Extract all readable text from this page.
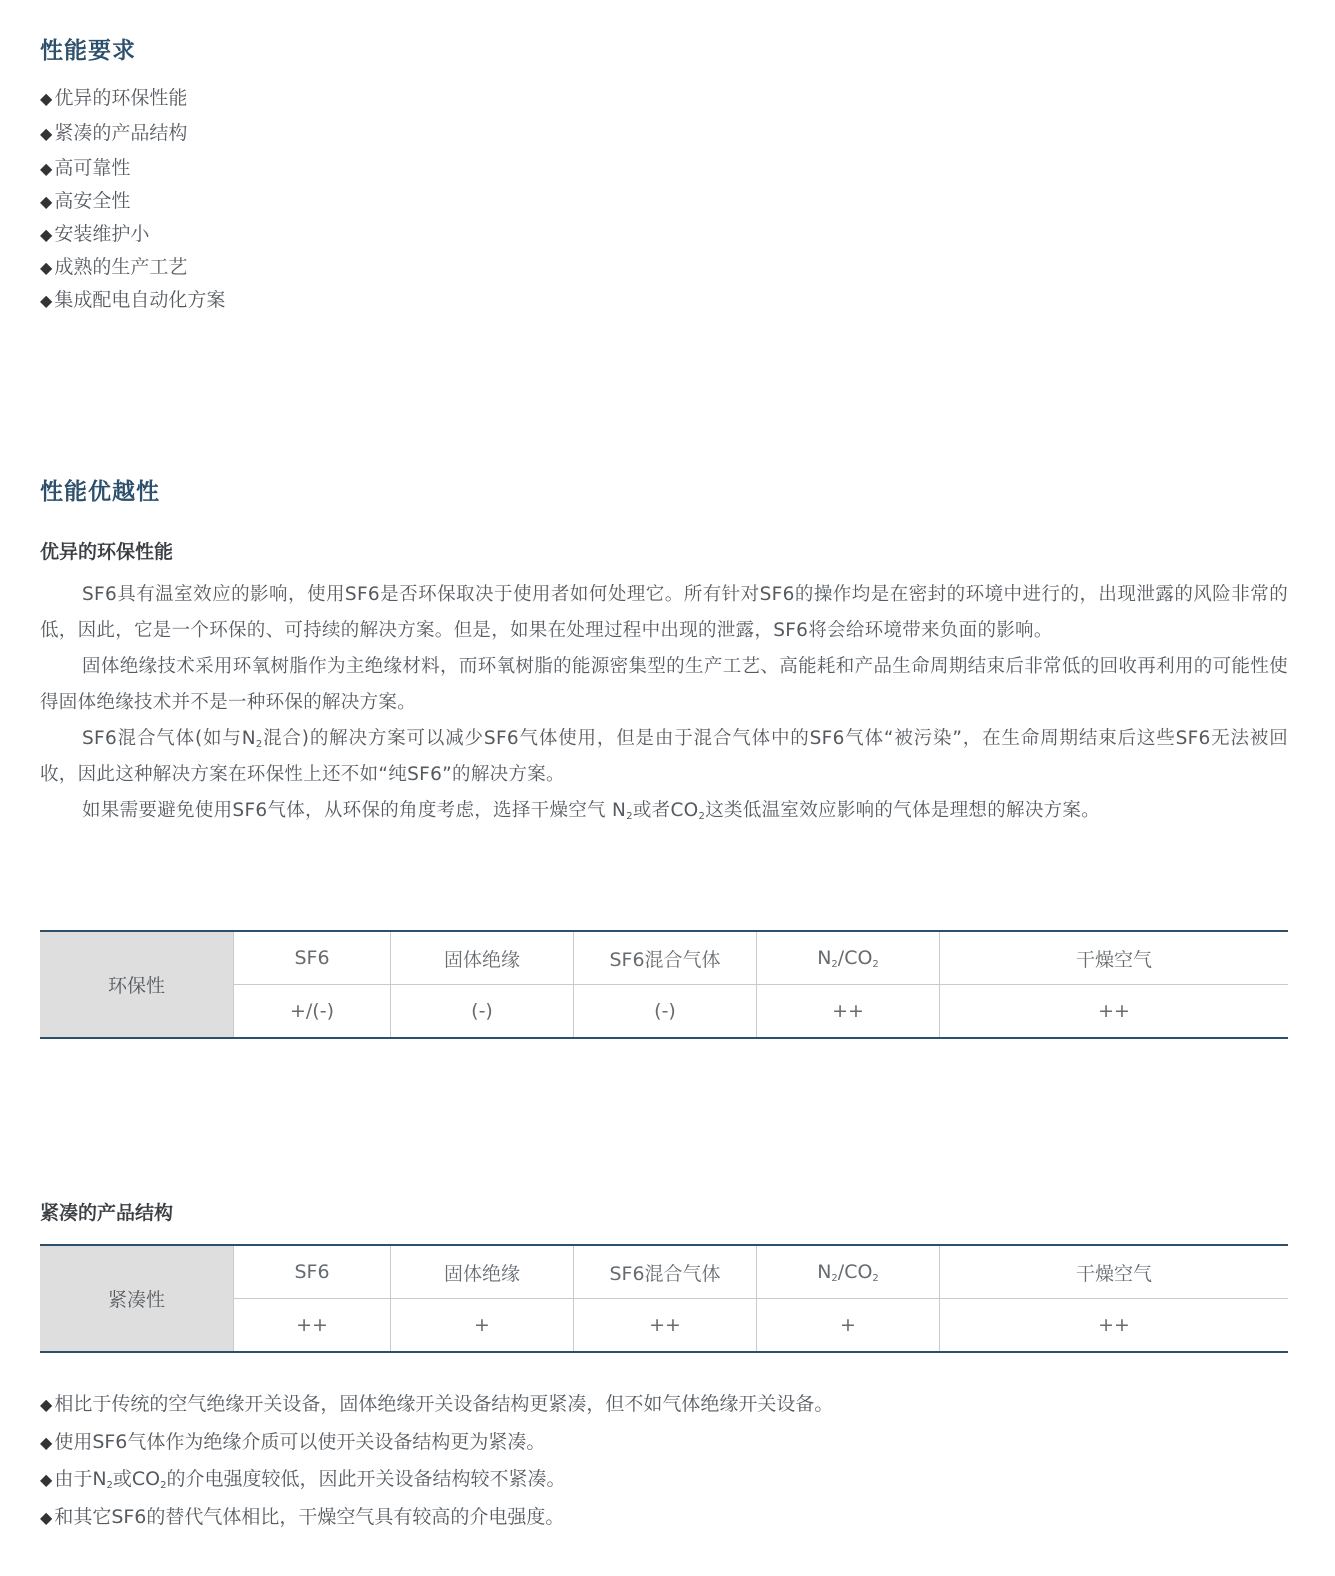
性能要求
◆ 优异的环保性能
◆ 紧凑的产品结构
◆ 高可靠性
◆ 高安全性
◆ 安装维护小
◆ 成熟的生产工艺
◆ 集成配电自动化方案
性能优越性
优异的环保性能

SF6具有温室效应的影响，使用SF6是否环保取决于使用者如何处理它。所有针对SF6的操作均是在密封的环境中进行的，出现泄露的风险非常的低，因此，它是一个环保的、可持续的解决方案。但是，如果在处理过程中出现的泄露，SF6将会给环境带来负面的影响。

固体绝缘技术采用环氧树脂作为主绝缘材料，而环氧树脂的能源密集型的生产工艺、高能耗和产品生命周期结束后非常低的回收再利用的可能性使得固体绝缘技术并不是一种环保的解决方案。

SF6混合气体(如与$N_2$混合)的解决方案可以减少SF6气体使用，但是由于混合气体中的SF6气体“被污染”，在生命周期结束后这些SF6无法被回收，因此这种解决方案在环保性上还不如“纯SF6”的解决方案。

如果需要避免使用SF6气体，从环保的角度考虑，选择干燥空气 $N_2$或者$CO_2$这类低温室效应影响的气体是理想的解决方案。

环保性	SF6	固体绝缘	SF6混合气体	$N_2/CO_2$	干燥空气
	+/(-)	(-)	(-)	++	++
紧凑的产品结构
紧凑性	SF6	固体绝缘	SF6混合气体	$N_2/CO_2$	干燥空气
	++	+	++	+	++
◆ 相比于传统的空气绝缘开关设备，固体绝缘开关设备结构更紧凑，但不如气体绝缘开关设备。
◆ 使用SF6气体作为绝缘介质可以使开关设备结构更为紧凑。
◆ 由于$N_2$或$CO_2$的介电强度较低，因此开关设备结构较不紧凑。
◆ 和其它SF6的替代气体相比，干燥空气具有较高的介电强度。
